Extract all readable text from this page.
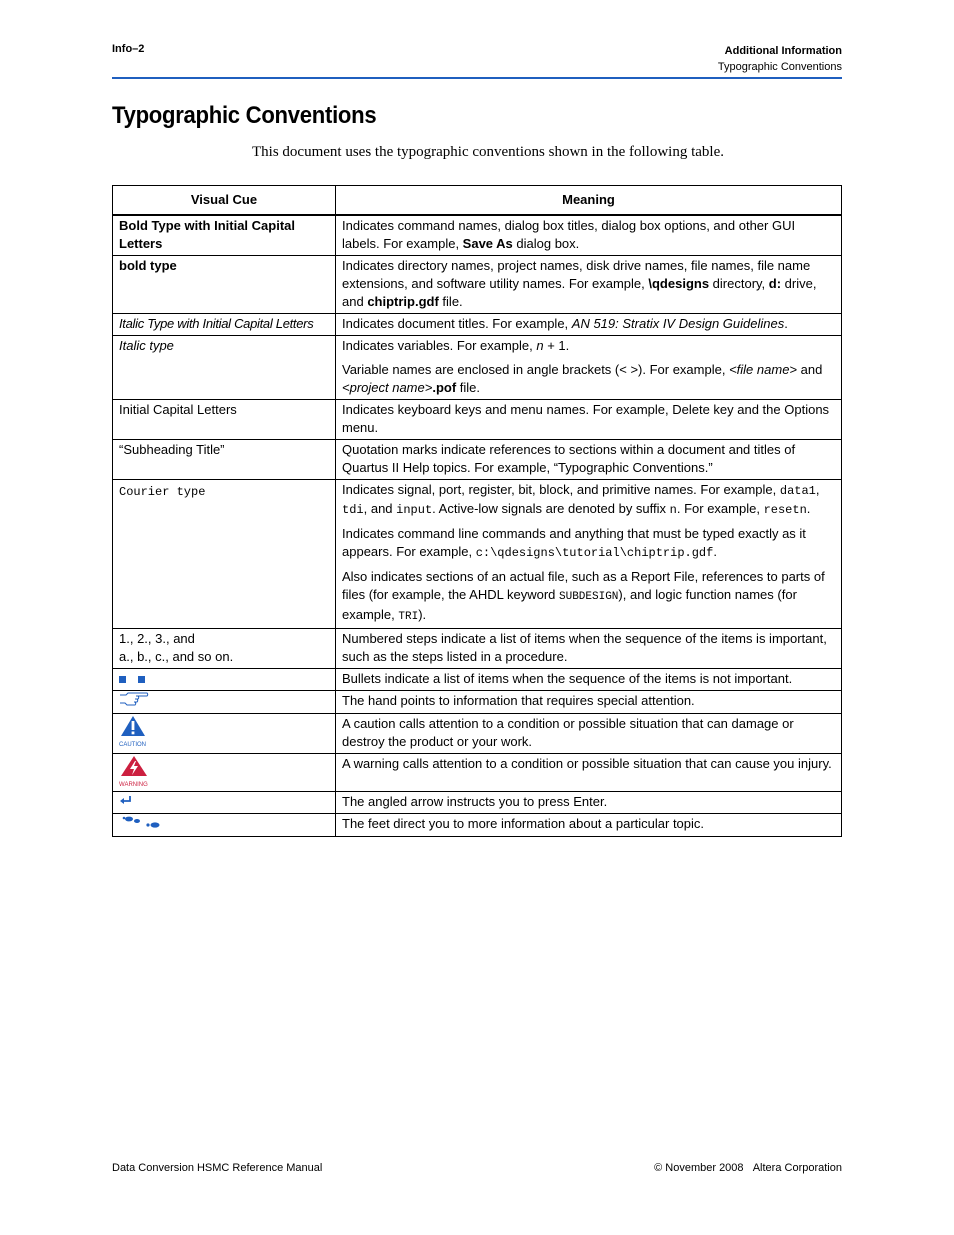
Info–2	Additional Information
Typographic Conventions
Typographic Conventions
This document uses the typographic conventions shown in the following table.
Visual Cue	Meaning
Bold Type with Initial Capital Letters	Indicates command names, dialog box titles, dialog box options, and other GUI labels. For example, Save As dialog box.
bold type	Indicates directory names, project names, disk drive names, file names, file name extensions, and software utility names. For example, \qdesigns directory, d: drive, and chiptrip.gdf file.
Italic Type with Initial Capital Letters	Indicates document titles. For example, AN 519: Stratix IV Design Guidelines.
Italic type	Indicates variables. For example, n + 1.

Variable names are enclosed in angle brackets (< >). For example, <file name> and <project name>.pof file.

Initial Capital Letters	Indicates keyboard keys and menu names. For example, Delete key and the Options menu.
“Subheading Title”	Quotation marks indicate references to sections within a document and titles of Quartus II Help topics. For example, “Typographic Conventions.”
Courier type	Indicates signal, port, register, bit, block, and primitive names. For example, data1, tdi, and input. Active-low signals are denoted by suffix n. For example, resetn.

Indicates command line commands and anything that must be typed exactly as it appears. For example, c:\qdesigns\tutorial\chiptrip.gdf.

Also indicates sections of an actual file, such as a Report File, references to parts of files (for example, the AHDL keyword SUBDESIGN), and logic function names (for example, TRI).

1., 2., 3., and
a., b., c., and so on.	Numbered steps indicate a list of items when the sequence of the items is important, such as the steps listed in a procedure.
	Bullets indicate a list of items when the sequence of the items is not important.
	The hand points to information that requires special attention.

CAUTION	A caution calls attention to a condition or possible situation that can damage or destroy the product or your work.

WARNING	A warning calls attention to a condition or possible situation that can cause you injury.
	The angled arrow instructs you to press Enter.
	The feet direct you to more information about a particular topic.
Data Conversion HSMC Reference Manual	© November 2008 Altera Corporation
